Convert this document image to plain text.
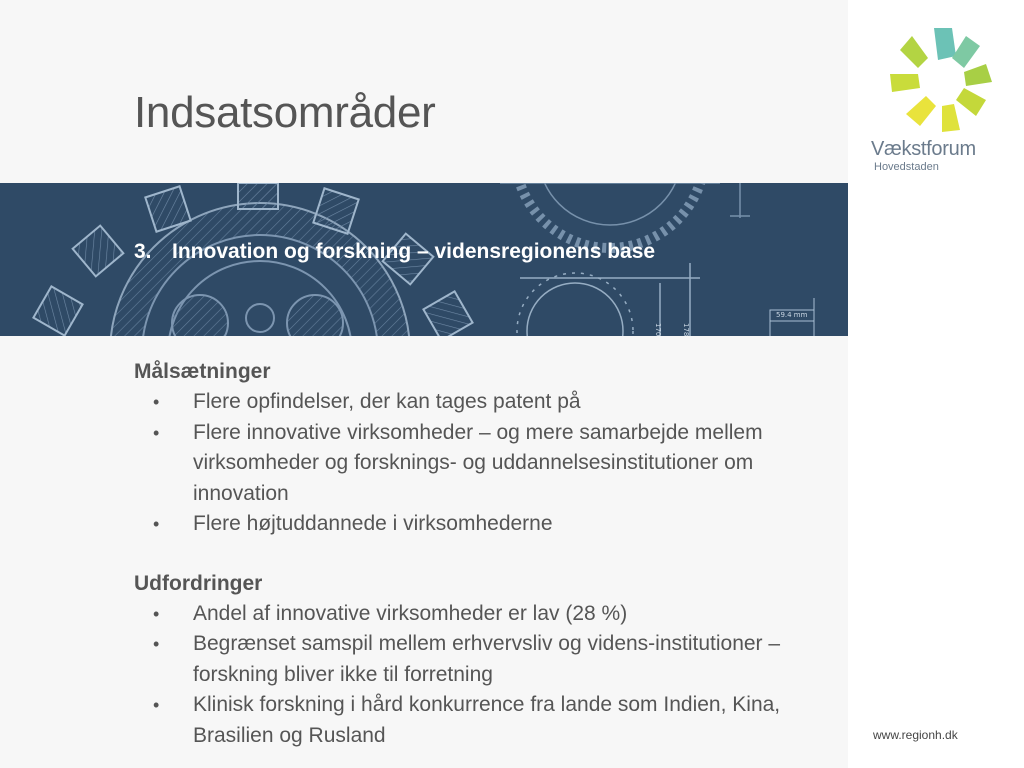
Indsatsområder
59.4 mm
170	178
3. Innovation og forskning – vidensregionens base

Målsætninger

• Flere opfindelser, der kan tages patent på
• Flere innovative virksomheder – og mere samarbejde mellem virksomheder og forsknings- og uddannelsesinstitutioner om innovation
• Flere højtuddannede i virksomhederne

Udfordringer

• Andel af innovative virksomheder er lav (28 %)
• Begrænset samspil mellem erhvervsliv og videns-institutioner – forskning bliver ikke til forretning
• Klinisk forskning i hård konkurrence fra lande som Indien, Kina, Brasilien og Rusland
Vækstforum
Hovedstaden
www.regionh.dk
